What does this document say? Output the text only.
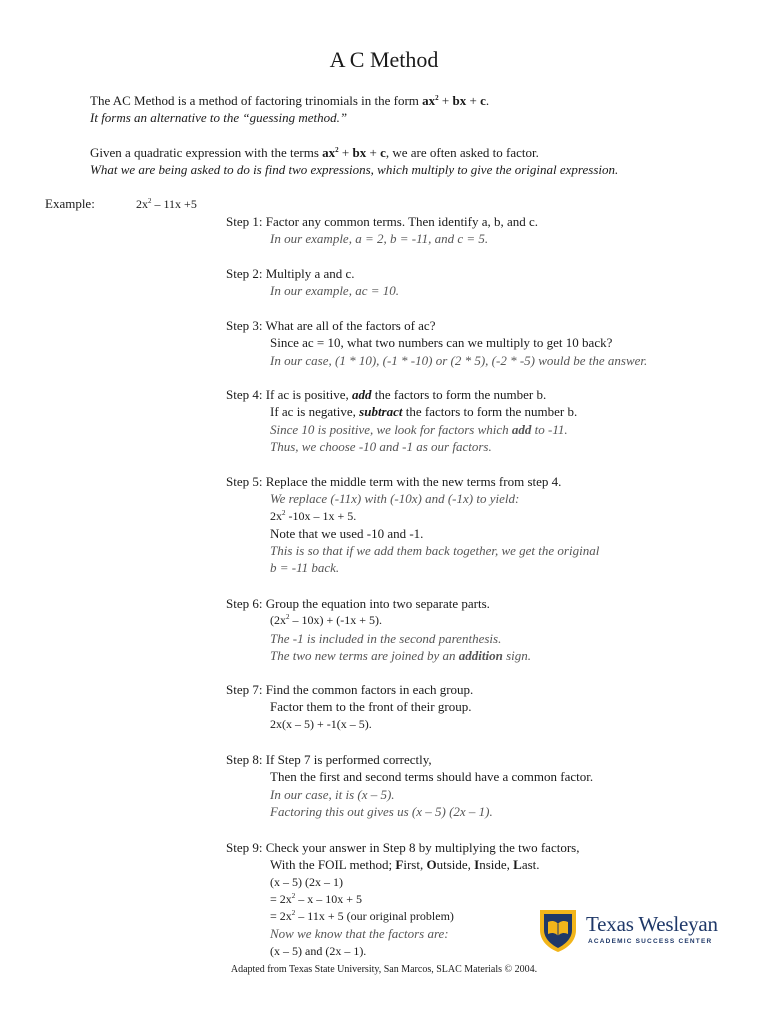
A C Method
The AC Method is a method of factoring trinomials in the form $ax^2$ + bx + c.
It forms an alternative to the “guessing method.”
Given a quadratic expression with the terms $ax^2$ + bx + c, we are often asked to factor.
What we are being asked to do is find two expressions, which multiply to give the original expression.
Example:	$2x^2 - 11x +5$
Step 1: Factor any common terms. Then identify a, b, and c.
In our example, a = 2, b = -11, and c = 5.
Step 2: Multiply a and c.
In our example, ac = 10.
Step 3: What are all of the factors of ac?
Since ac = 10, what two numbers can we multiply to get 10 back?
In our case, (1 * 10), (-1 * -10) or (2 * 5), (-2 * -5) would be the answer.
Step 4: If ac is positive, add the factors to form the number b.
If ac is negative, subtract the factors to form the number b.
Since 10 is positive, we look for factors which add to -11.
Thus, we choose -10 and -1 as our factors.
Step 5: Replace the middle term with the new terms from step 4.
We replace (-11x) with (-10x) and (-1x) to yield:
$2x^2$ -10x – 1x + 5.
Note that we used -10 and -1.
This is so that if we add them back together, we get the original
b = -11 back.
Step 6: Group the equation into two separate parts.
$(2x^2 - 10x) + (-1x + 5)$.
The -1 is included in the second parenthesis.
The two new terms are joined by an addition sign.
Step 7: Find the common factors in each group.
Factor them to the front of their group.
2x(x – 5) + -1(x – 5).
Step 8: If Step 7 is performed correctly,
Then the first and second terms should have a common factor.
In our case, it is (x – 5).
Factoring this out gives us (x – 5) (2x – 1).
Step 9: Check your answer in Step 8 by multiplying the two factors,
With the FOIL method; First, Outside, Inside, Last.
(x – 5) (2x – 1)
= $2x^2 - x - 10x + 5$
= $2x^2 - 11x + 5$ (our original problem)
Now we know that the factors are:
(x – 5) and (2x – 1).
Texas Wesleyan
ACADEMIC SUCCESS CENTER
Adapted from Texas State University, San Marcos, SLAC Materials © 2004.
